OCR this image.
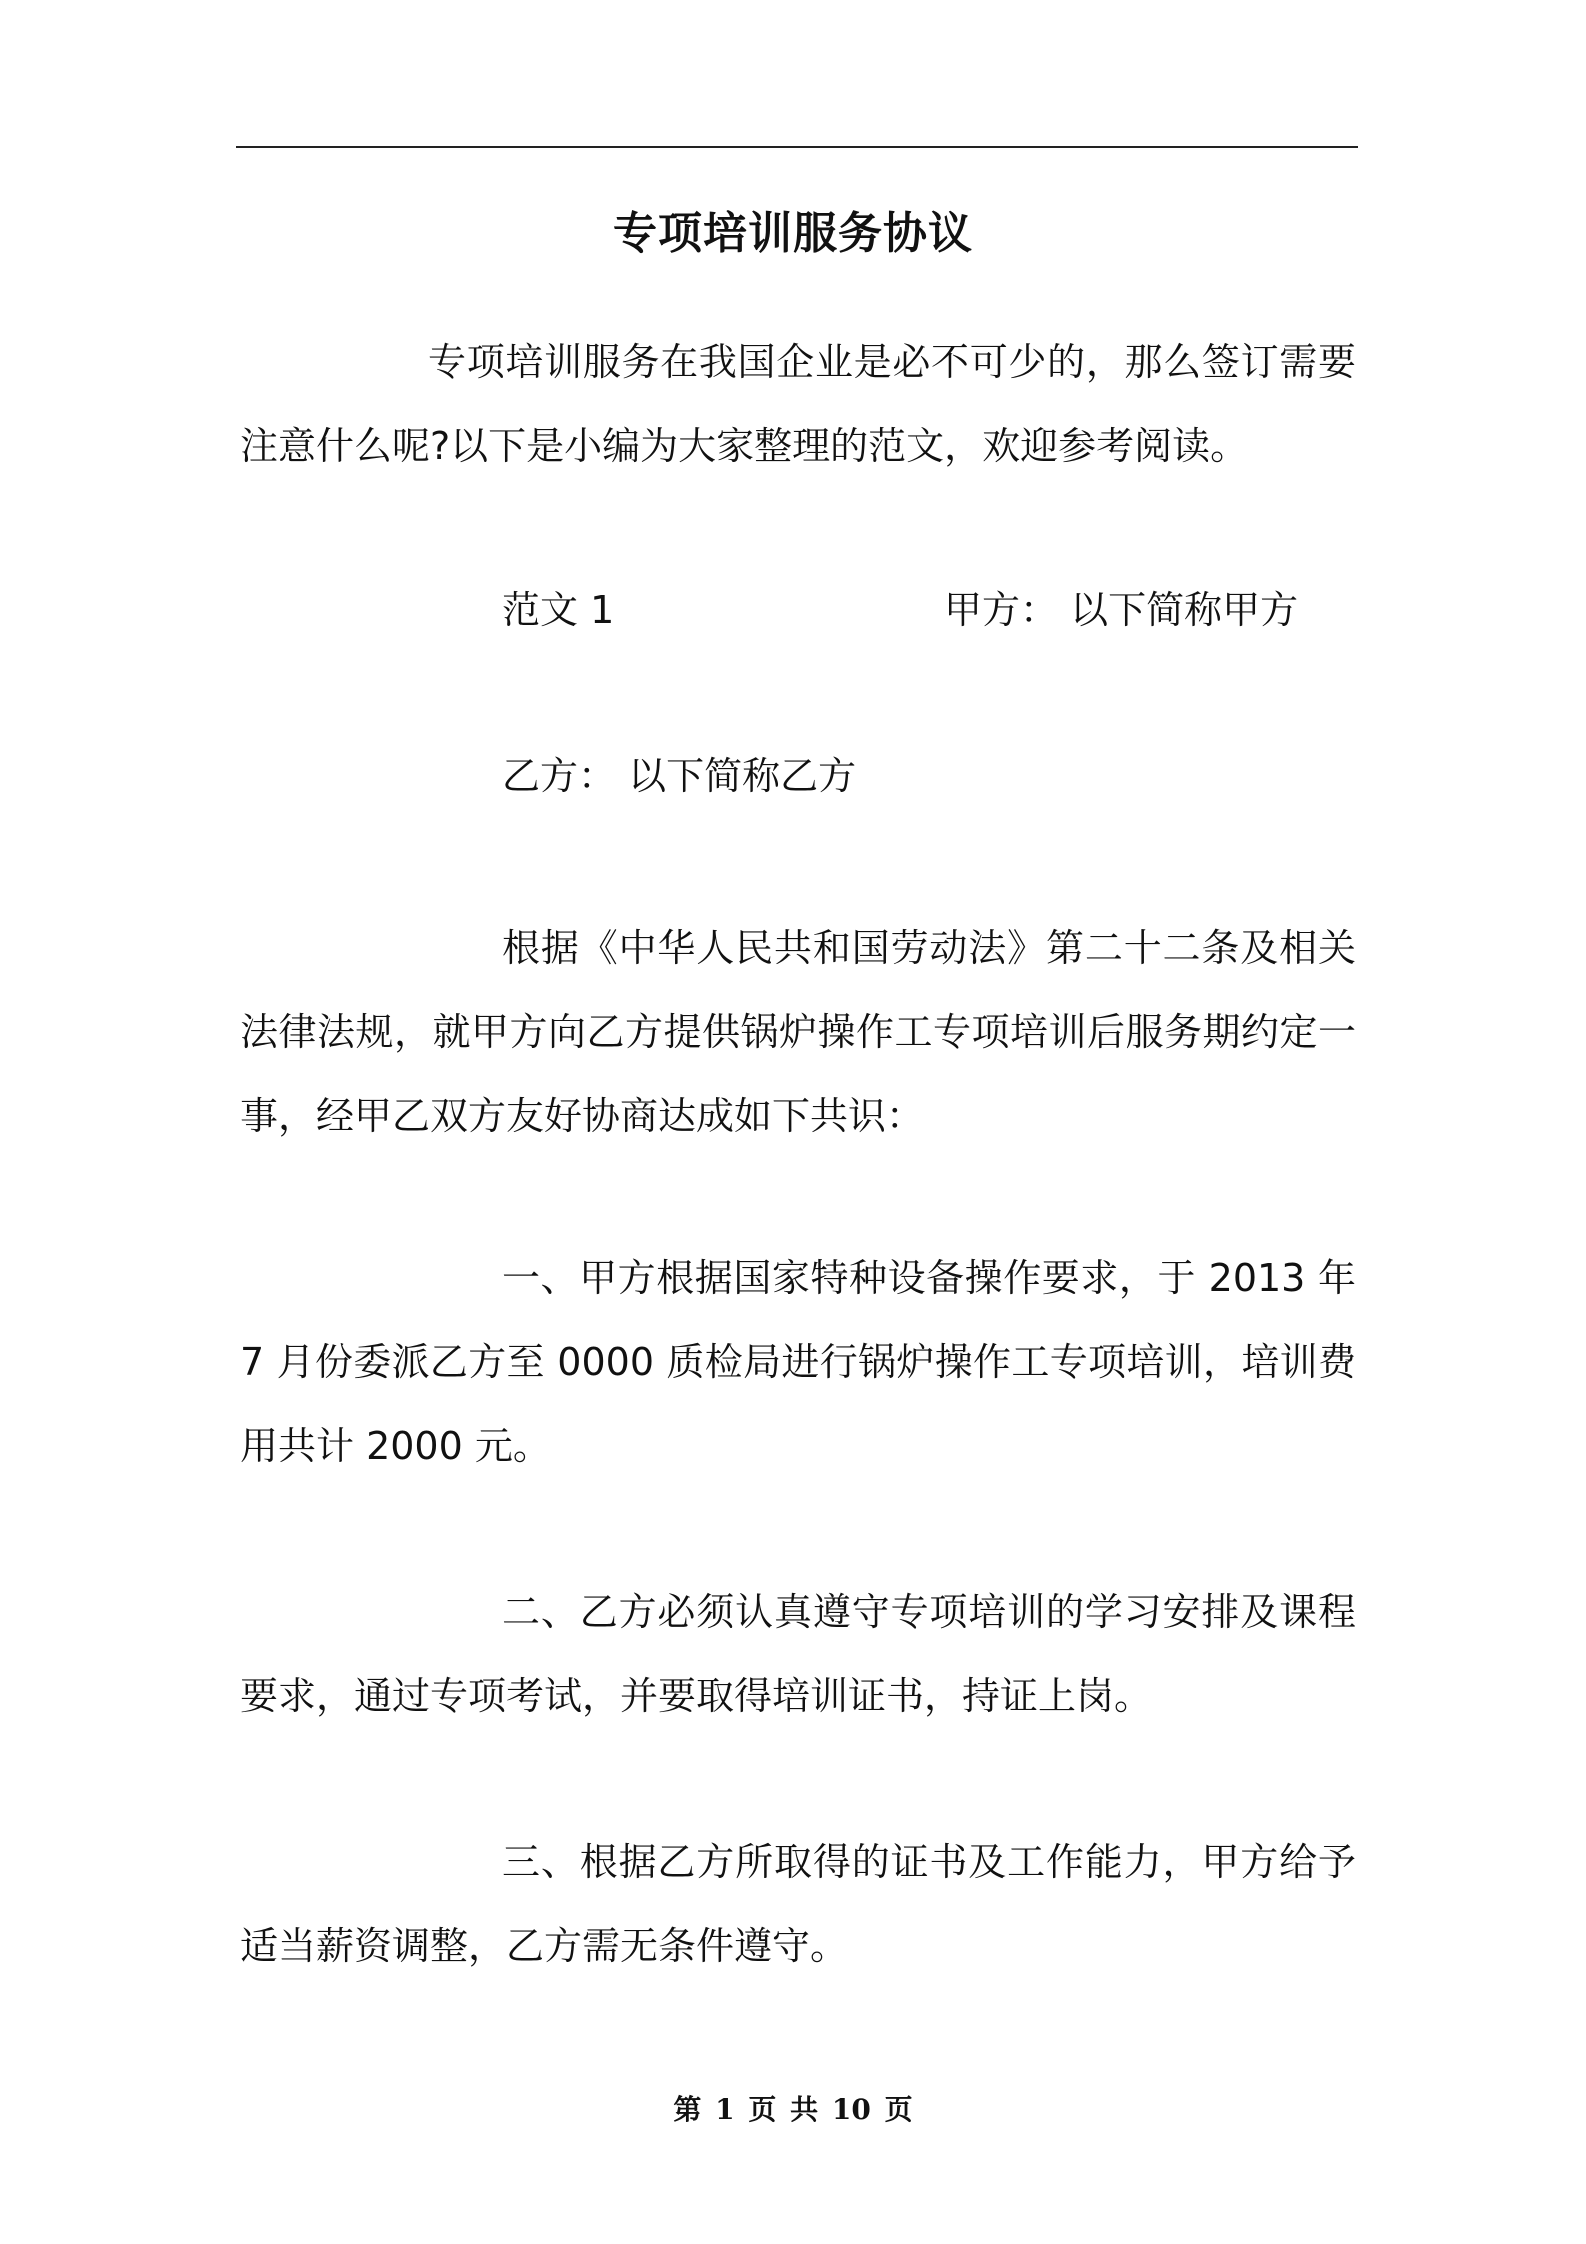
专项培训服务协议

专项培训服务在我国企业是必不可少的，那么签订需要注意什么呢?以下是小编为大家整理的范文，欢迎参考阅读。

范文 1	甲方： 以下简称甲方
乙方： 以下简称乙方

根据《中华人民共和国劳动法》第二十二条及相关法律法规，就甲方向乙方提供锅炉操作工专项培训后服务期约定一事，经甲乙双方友好协商达成如下共识：

一、甲方根据国家特种设备操作要求，于 2013 年 7 月份委派乙方至 0000 质检局进行锅炉操作工专项培训，培训费用共计 2000 元。

二、乙方必须认真遵守专项培训的学习安排及课程要求，通过专项考试，并要取得培训证书，持证上岗。

三、根据乙方所取得的证书及工作能力，甲方给予适当薪资调整，乙方需无条件遵守。

第 1 页 共 10 页
